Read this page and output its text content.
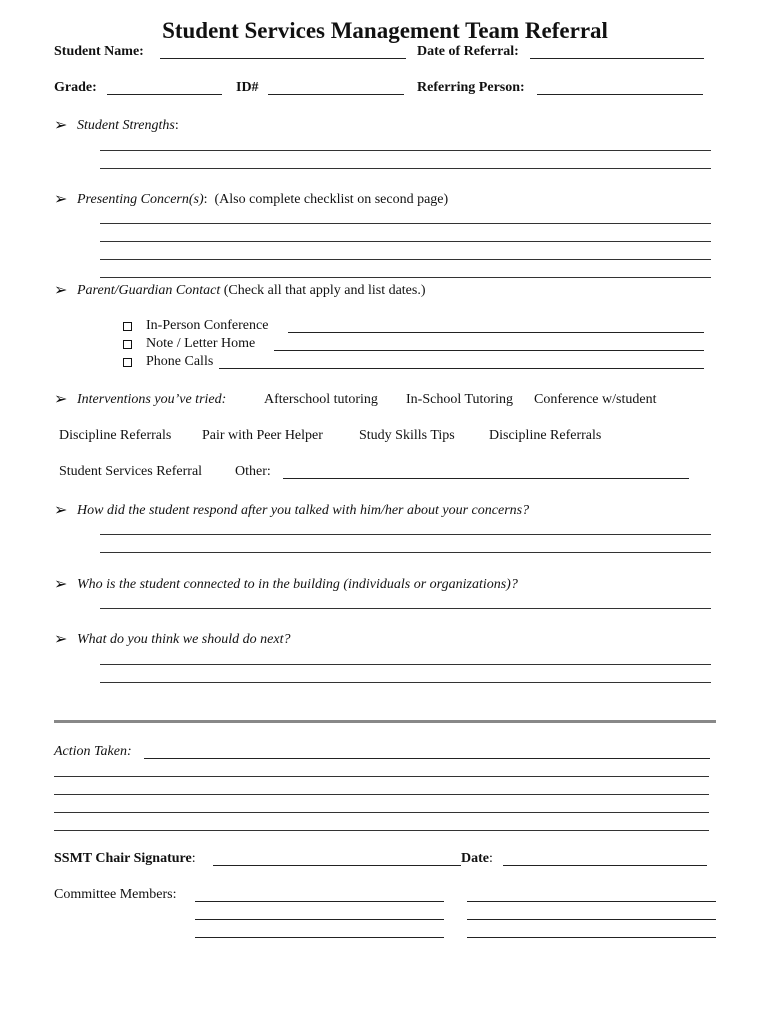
Student Services Management Team Referral
Student Name:	Date of Referral:
Grade:	ID#	Referring Person:
➢ Student Strengths:
➢ Presenting Concern(s):  (Also complete checklist on second page)
➢ Parent/Guardian Contact (Check all that apply and list dates.)
In-Person Conference
Note / Letter Home
Phone Calls
➢ Interventions you’ve tried:	Afterschool tutoring In-School Tutoring Conference w/student
Discipline Referrals Pair with Peer Helper	Study Skills Tips Discipline Referrals
Student Services Referral Other:
➢ How did the student respond after you talked with him/her about your concerns?
➢ Who is the student connected to in the building (individuals or organizations)?
➢ What do you think we should do next?
Action Taken:
SSMT Chair Signature:	Date:
Committee Members:
